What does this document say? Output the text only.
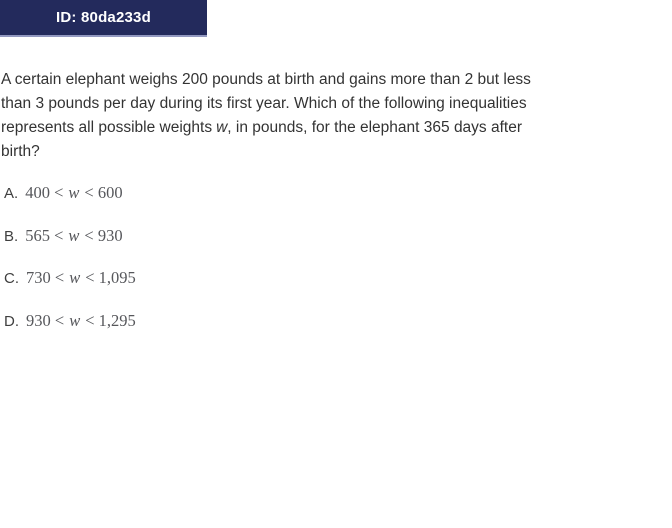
ID: 80da233d
A certain elephant weighs 200 pounds at birth and gains more than 2 but less
than 3 pounds per day during its first year. Which of the following inequalities
represents all possible weights w, in pounds, for the elephant 365 days after
birth?
A. 400 < w < 600
B. 565 < w < 930
C. 730 < w < 1,095
D. 930 < w < 1,295
